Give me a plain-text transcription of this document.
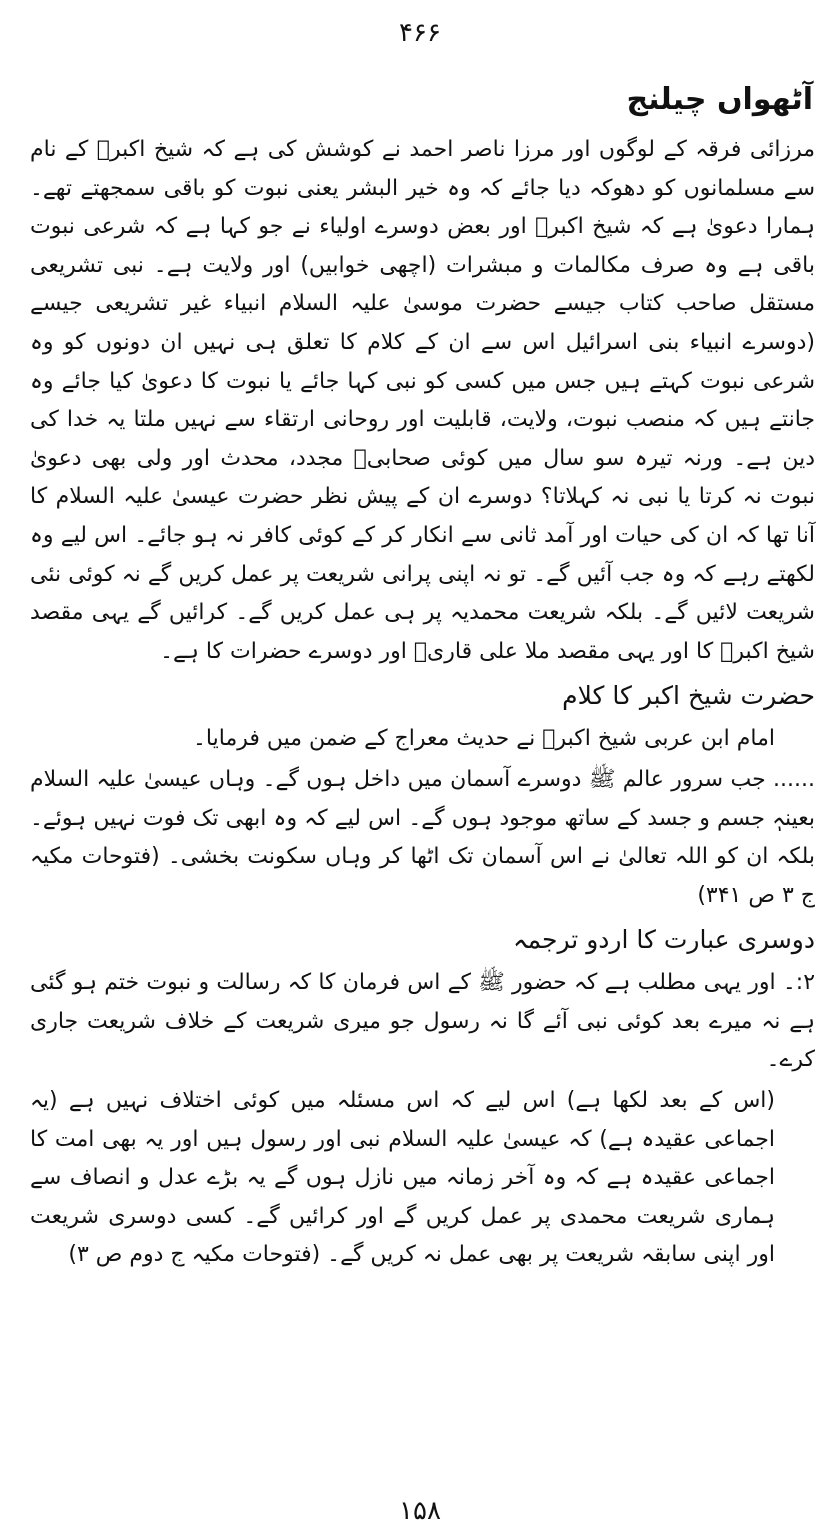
۴۶۶
آٹھواں چیلنج

مرزائی فرقہ کے لوگوں اور مرزا ناصر احمد نے کوشش کی ہے کہ شیخ اکبرؒ کے نام سے مسلمانوں کو دھوکہ دیا جائے کہ وہ خیر البشر یعنی نبوت کو باقی سمجھتے تھے۔ ہمارا دعویٰ ہے کہ شیخ اکبرؒ اور بعض دوسرے اولیاء نے جو کہا ہے کہ شرعی نبوت باقی ہے وہ صرف مکالمات و مبشرات (اچھی خوابیں) اور ولایت ہے۔ نبی تشریعی مستقل صاحب کتاب جیسے حضرت موسیٰ علیہ السلام انبیاء غیر تشریعی جیسے (دوسرے انبیاء بنی اسرائیل اس سے ان کے کلام کا تعلق ہی نہیں ان دونوں کو وہ شرعی نبوت کہتے ہیں جس میں کسی کو نبی کہا جائے یا نبوت کا دعویٰ کیا جائے وہ جانتے ہیں کہ منصب نبوت، ولایت، قابلیت اور روحانی ارتقاء سے نہیں ملتا یہ خدا کی دین ہے۔ ورنہ تیرہ سو سال میں کوئی صحابیؓ مجدد، محدث اور ولی بھی دعویٰ نبوت نہ کرتا یا نبی نہ کہلاتا؟ دوسرے ان کے پیش نظر حضرت عیسیٰ علیہ السلام کا آنا تھا کہ ان کی حیات اور آمد ثانی سے انکار کر کے کوئی کافر نہ ہو جائے۔ اس لیے وہ لکھتے رہے کہ وہ جب آئیں گے۔ تو نہ اپنی پرانی شریعت پر عمل کریں گے نہ کوئی نئی شریعت لائیں گے۔ بلکہ شریعت محمدیہ پر ہی عمل کریں گے۔ کرائیں گے یہی مقصد شیخ اکبرؒ کا اور یہی مقصد ملا علی قاریؒ اور دوسرے حضرات کا ہے۔

حضرت شیخ اکبر کا کلام

امام ابن عربی شیخ اکبرؒ نے حدیث معراج کے ضمن میں فرمایا۔

...... جب سرور عالم ﷺ دوسرے آسمان میں داخل ہوں گے۔ وہاں عیسیٰ علیہ السلام بعینہٖ جسم و جسد کے ساتھ موجود ہوں گے۔ اس لیے کہ وہ ابھی تک فوت نہیں ہوئے۔ بلکہ ان کو اللہ تعالیٰ نے اس آسمان تک اٹھا کر وہاں سکونت بخشی۔ (فتوحات مکیہ ج ۳ ص ۳۴۱)

دوسری عبارت کا اردو ترجمہ

۲:۔ اور یہی مطلب ہے کہ حضور ﷺ کے اس فرمان کا کہ رسالت و نبوت ختم ہو گئی ہے نہ میرے بعد کوئی نبی آئے گا نہ رسول جو میری شریعت کے خلاف شریعت جاری کرے۔

(اس کے بعد لکھا ہے) اس لیے کہ اس مسئلہ میں کوئی اختلاف نہیں ہے (یہ اجماعی عقیدہ ہے) کہ عیسیٰ علیہ السلام نبی اور رسول ہیں اور یہ بھی امت کا اجماعی عقیدہ ہے کہ وہ آخر زمانہ میں نازل ہوں گے یہ بڑے عدل و انصاف سے ہماری شریعت محمدی پر عمل کریں گے اور کرائیں گے۔ کسی دوسری شریعت اور اپنی سابقہ شریعت پر بھی عمل نہ کریں گے۔ (فتوحات مکیہ ج دوم ص ۳)

۱۵۸
